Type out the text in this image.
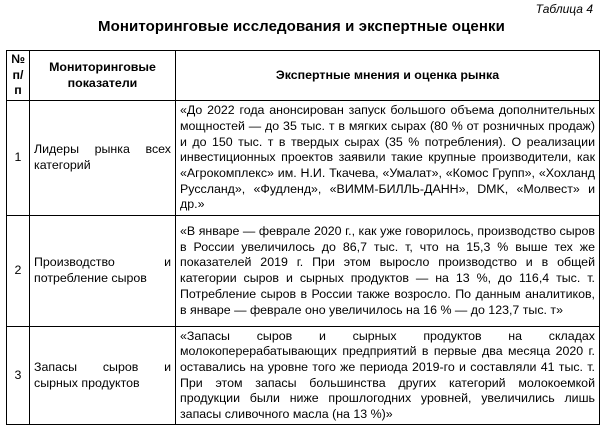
Таблица 4
Мониторинговые исследования и экспертные оценки
№ п/п	Мониторинговые показатели	Экспертные мнения и оценка рынка
1	Лидеры рынка всех категорий	«До 2022 года анонсирован запуск большого объема дополнительных мощностей — до 35 тыс. т в мягких сырах (80 % от розничных продаж) и до 150 тыс. т в твердых сырах (35 % потребления). О реализации инвестиционных проектов заявили такие крупные производители, как «Агрокомплекс» им. Н.И. Ткачева, «Умалат», «Комос Групп», «Хохланд Руссланд», «Фудленд», «ВИММ-БИЛЛЬ-ДАНН», DMK, «Молвест» и др.»
2	Производство и потребление сыров	«В январе — феврале 2020 г., как уже говорилось, производство сыров в России увеличилось до 86,7 тыс. т, что на 15,3 % выше тех же показателей 2019 г. При этом выросло производство и в общей категории сыров и сырных продуктов — на 13 %, до 116,4 тыс. т. Потребление сыров в России также возросло. По данным аналитиков, в январе — феврале оно увеличилось на 16 % — до 123,7 тыс. т»
3	Запасы сыров и сырных продуктов	«Запасы сыров и сырных продуктов на складах молокоперерабатывающих предприятий в первые два месяца 2020 г. оставались на уровне того же периода 2019-го и составляли 41 тыс. т. При этом запасы большинства других категорий молокоемкой продукции были ниже прошлогодних уровней, увеличились лишь запасы сливочного масла (на 13 %)»
